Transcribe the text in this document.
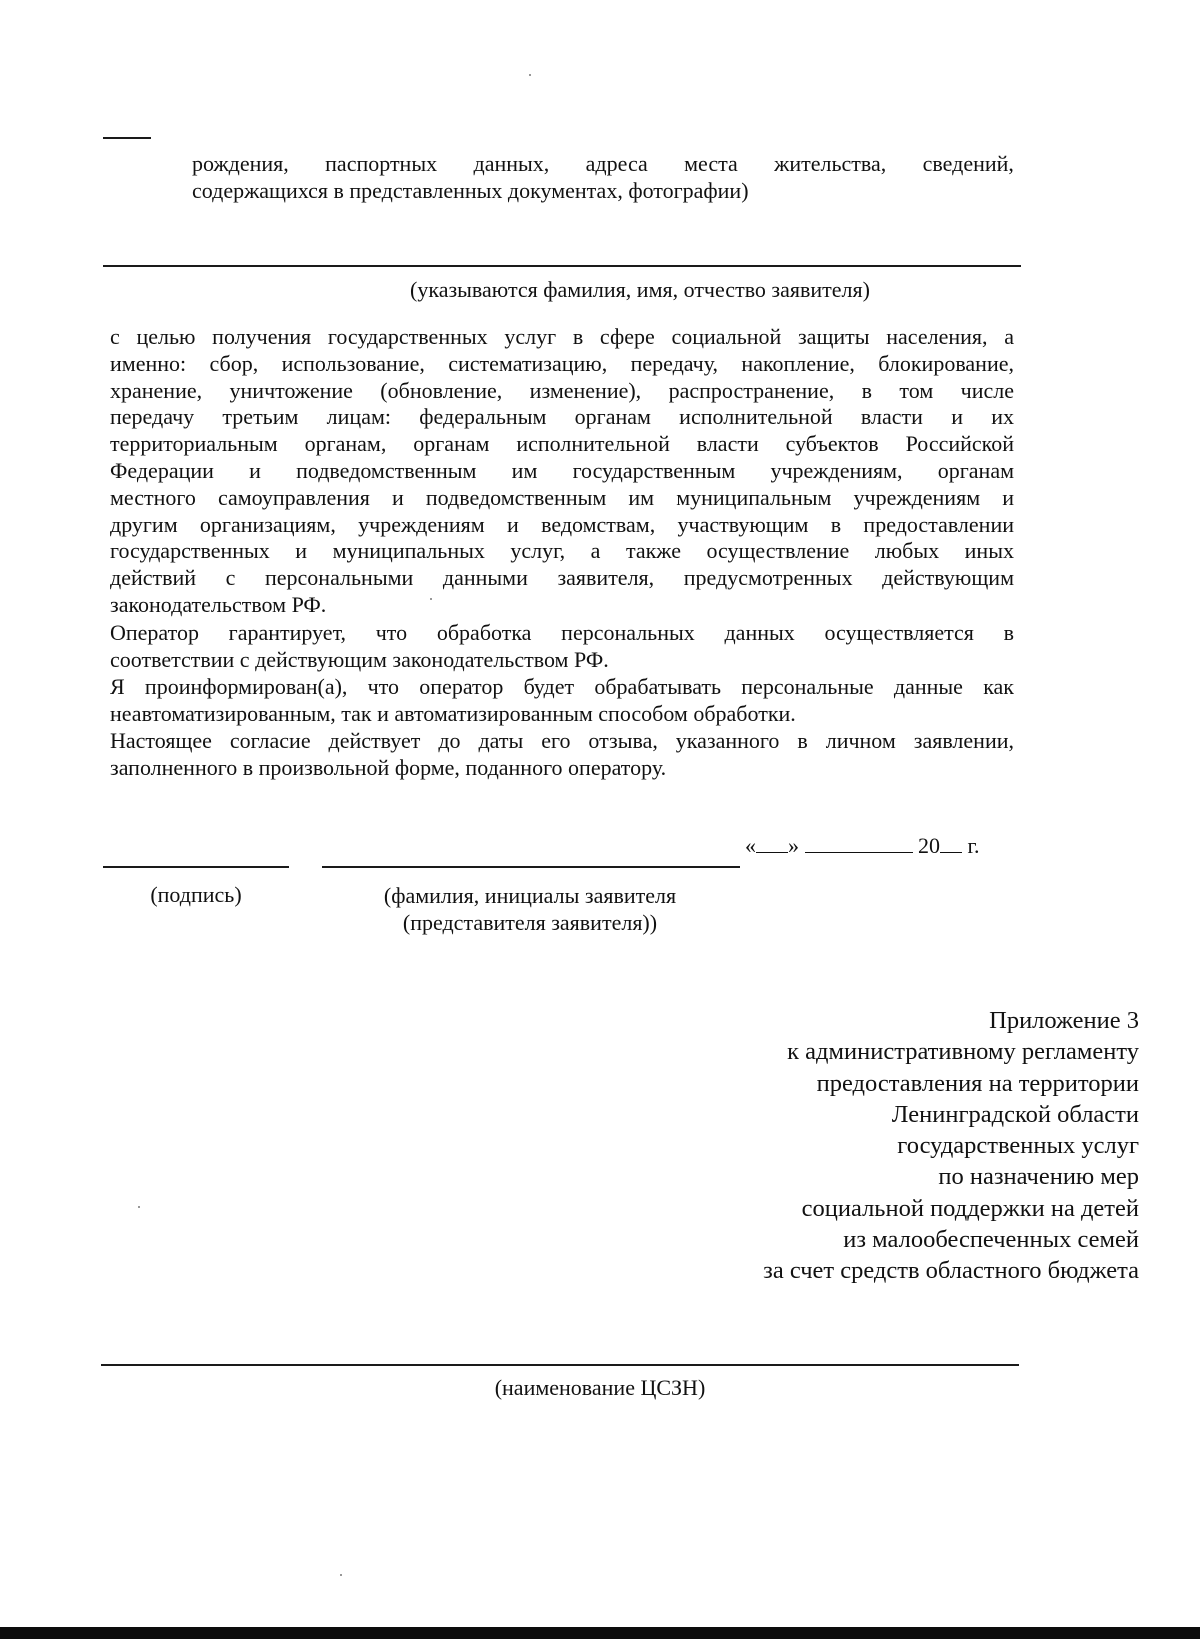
рождения, паспортных данных, адреса места жительства, сведений,
содержащихся в представленных документах, фотографии)
(указываются фамилия, имя, отчество заявителя)
с целью получения государственных услуг в сфере социальной защиты населения, а
именно: сбор, использование, систематизацию, передачу, накопление, блокирование,
хранение, уничтожение (обновление, изменение), распространение, в том числе
передачу третьим лицам: федеральным органам исполнительной власти и их
территориальным органам, органам исполнительной власти субъектов Российской
Федерации и подведомственным им государственным учреждениям, органам
местного самоуправления и подведомственным им муниципальным учреждениям и
другим организациям, учреждениям и ведомствам, участвующим в предоставлении
государственных и муниципальных услуг, а также осуществление любых иных
действий с персональными данными заявителя, предусмотренных действующим
законодательством РФ.
Оператор гарантирует, что обработка персональных данных осуществляется в
соответствии с действующим законодательством РФ.
Я проинформирован(а), что оператор будет обрабатывать персональные данные как
неавтоматизированным, так и автоматизированным способом обработки.
Настоящее согласие действует до даты его отзыва, указанного в личном заявлении,
заполненного в произвольной форме, поданного оператору.
« »	20 г.
(подпись)	(фамилия, инициалы заявителя
(представителя заявителя))
Приложение 3
к административному регламенту
предоставления на территории
Ленинградской области
государственных услуг
по назначению мер
социальной поддержки на детей
из малообеспеченных семей
за счет средств областного бюджета
(наименование ЦСЗН)
